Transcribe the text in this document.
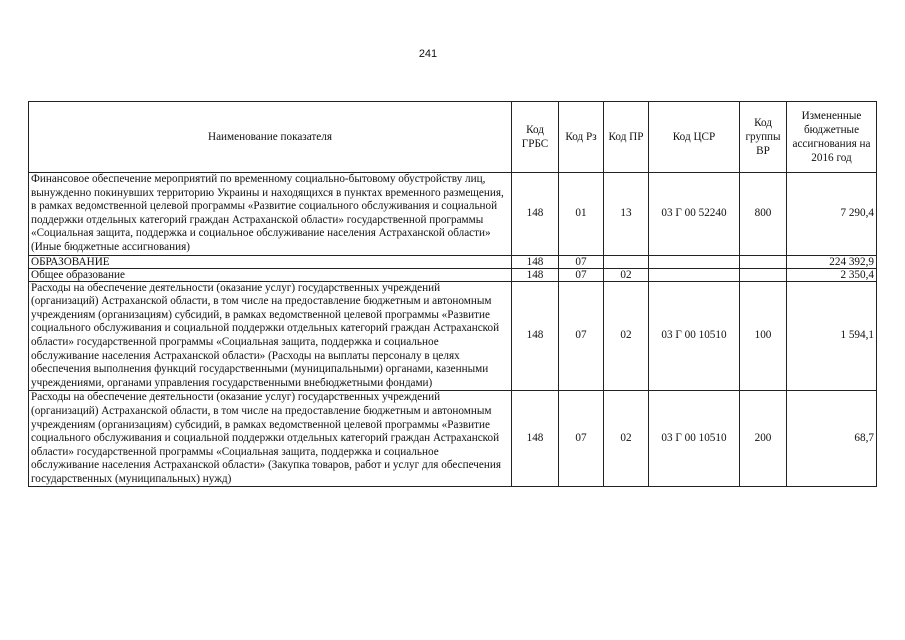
241
Наименование показателя	Код ГРБС	Код Рз	Код ПР	Код ЦСР	Код группы ВР	Измененные бюджетные ассигнования на 2016 год
Финансовое обеспечение мероприятий по временному социально-бытовому обустройству лиц, вынужденно покинувших территорию Украины и находящихся в пунктах временного размещения, в рамках ведомственной целевой программы «Развитие социального обслуживания и социальной поддержки отдельных категорий граждан Астраханской области» государственной программы «Социальная защита, поддержка и социальное обслуживание населения Астраханской области» (Иные бюджетные ассигнования)	148	01	13	03 Г 00 52240	800	7 290,4
ОБРАЗОВАНИЕ	148	07				224 392,9
Общее образование	148	07	02			2 350,4
Расходы на обеспечение деятельности (оказание услуг) государственных учреждений (организаций) Астраханской области, в том числе на предоставление бюджетным и автономным учреждениям (организациям) субсидий, в рамках ведомственной целевой программы «Развитие социального обслуживания и социальной поддержки отдельных категорий граждан Астраханской области» государственной программы «Социальная защита, поддержка и социальное обслуживание населения Астраханской области» (Расходы на выплаты персоналу в целях обеспечения выполнения функций государственными (муниципальными) органами, казенными учреждениями, органами управления государственными внебюджетными фондами)	148	07	02	03 Г 00 10510	100	1 594,1
Расходы на обеспечение деятельности (оказание услуг) государственных учреждений (организаций) Астраханской области, в том числе на предоставление бюджетным и автономным учреждениям (организациям) субсидий, в рамках ведомственной целевой программы «Развитие социального обслуживания и социальной поддержки отдельных категорий граждан Астраханской области» государственной программы «Социальная защита, поддержка и социальное обслуживание населения Астраханской области» (Закупка товаров, работ и услуг для обеспечения государственных (муниципальных) нужд)	148	07	02	03 Г 00 10510	200	68,7
